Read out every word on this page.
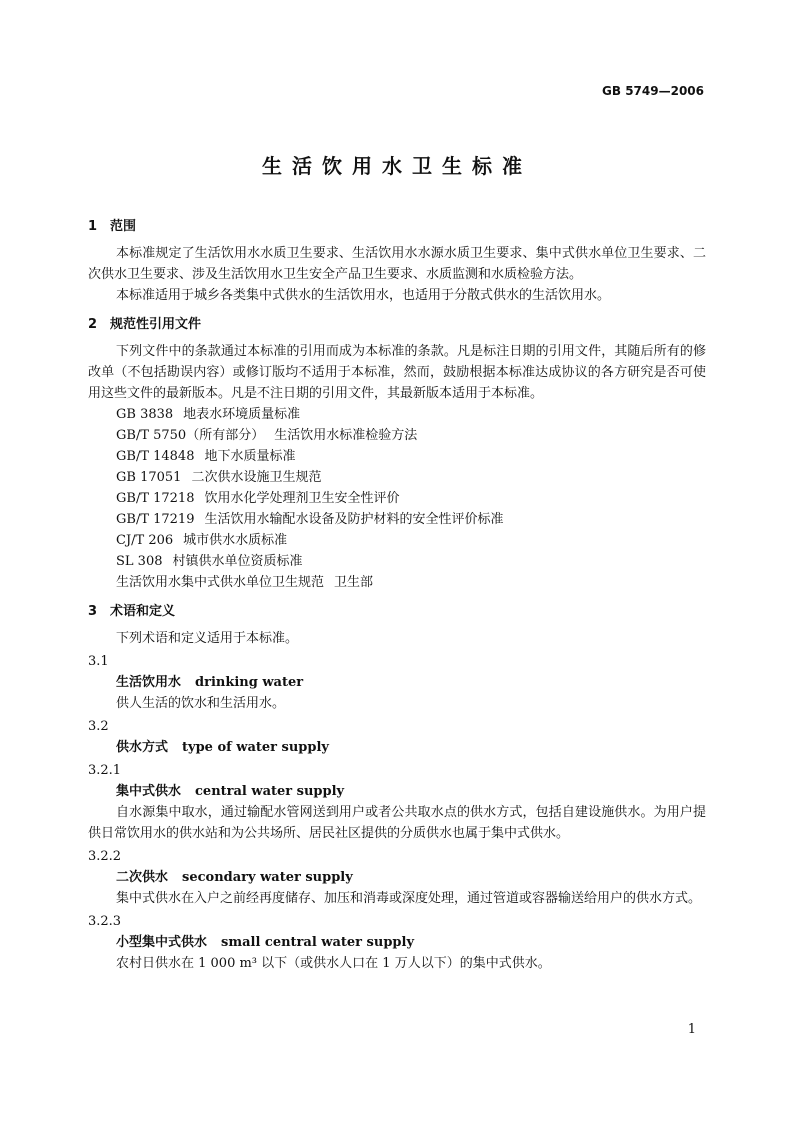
GB 5749—2006
生活饮用水卫生标准
1 范围
本标准规定了生活饮用水水质卫生要求、生活饮用水水源水质卫生要求、集中式供水单位卫生要求、二次供水卫生要求、涉及生活饮用水卫生安全产品卫生要求、水质监测和水质检验方法。
本标准适用于城乡各类集中式供水的生活饮用水，也适用于分散式供水的生活饮用水。
2 规范性引用文件
下列文件中的条款通过本标准的引用而成为本标准的条款。凡是标注日期的引用文件，其随后所有的修改单（不包括勘误内容）或修订版均不适用于本标准，然而，鼓励根据本标准达成协议的各方研究是否可使用这些文件的最新版本。凡是不注日期的引用文件，其最新版本适用于本标准。
GB 3838 地表水环境质量标准
GB/T 5750（所有部分） 生活饮用水标准检验方法
GB/T 14848 地下水质量标准
GB 17051 二次供水设施卫生规范
GB/T 17218 饮用水化学处理剂卫生安全性评价
GB/T 17219 生活饮用水输配水设备及防护材料的安全性评价标准
CJ/T 206 城市供水水质标准
SL 308 村镇供水单位资质标准
生活饮用水集中式供水单位卫生规范 卫生部
3 术语和定义
下列术语和定义适用于本标准。
3.1
生活饮用水 drinking water
供人生活的饮水和生活用水。
3.2
供水方式 type of water supply
3.2.1
集中式供水 central water supply
自水源集中取水，通过输配水管网送到用户或者公共取水点的供水方式，包括自建设施供水。为用户提供日常饮用水的供水站和为公共场所、居民社区提供的分质供水也属于集中式供水。
3.2.2
二次供水 secondary water supply
集中式供水在入户之前经再度储存、加压和消毒或深度处理，通过管道或容器输送给用户的供水方式。
3.2.3
小型集中式供水 small central water supply
农村日供水在 1 000 m³ 以下（或供水人口在 1 万人以下）的集中式供水。
1
